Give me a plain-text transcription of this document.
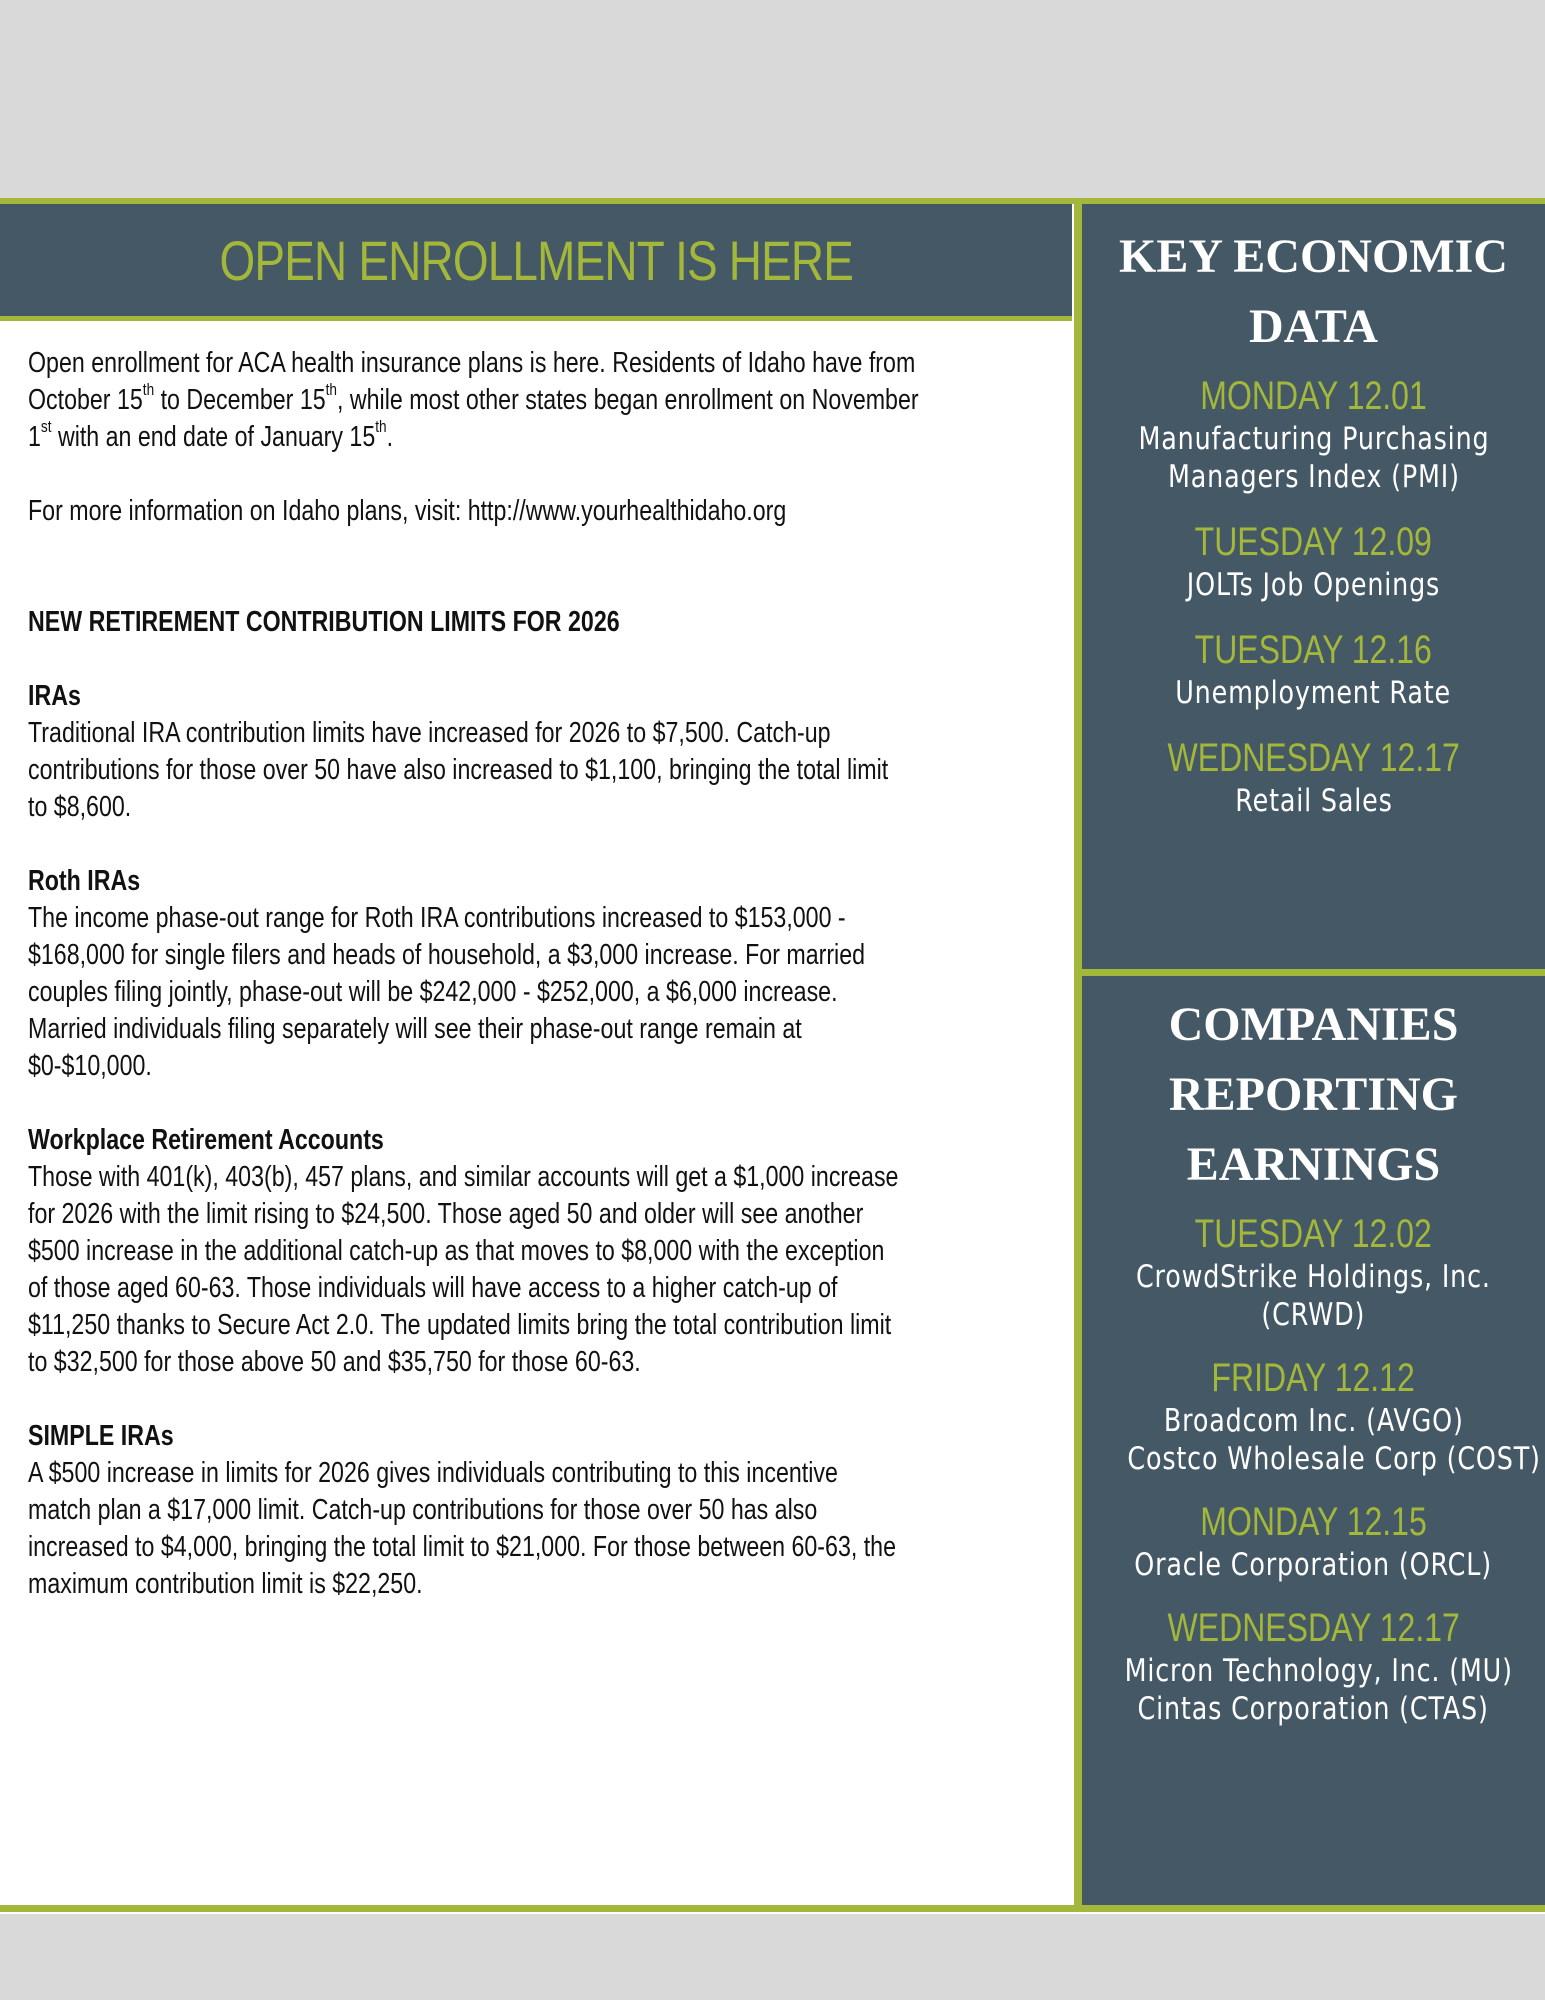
OPEN ENROLLMENT IS HERE

Open enrollment for ACA health insurance plans is here. Residents of Idaho have from

October 15th to December 15th, while most other states began enrollment on November

1st with an end date of January 15th.

For more information on Idaho plans, visit: http://www.yourhealthidaho.org

NEW RETIREMENT CONTRIBUTION LIMITS FOR 2026

IRAs

Traditional IRA contribution limits have increased for 2026 to $7,500. Catch-up

contributions for those over 50 have also increased to $1,100, bringing the total limit

to $8,600.

Roth IRAs

The income phase-out range for Roth IRA contributions increased to $153,000 -

$168,000 for single filers and heads of household, a $3,000 increase. For married

couples filing jointly, phase-out will be $242,000 - $252,000, a $6,000 increase.

Married individuals filing separately will see their phase-out range remain at

$0-$10,000.

Workplace Retirement Accounts

Those with 401(k), 403(b), 457 plans, and similar accounts will get a $1,000 increase

for 2026 with the limit rising to $24,500. Those aged 50 and older will see another

$500 increase in the additional catch-up as that moves to $8,000 with the exception

of those aged 60-63. Those individuals will have access to a higher catch-up of

$11,250 thanks to Secure Act 2.0. The updated limits bring the total contribution limit

to $32,500 for those above 50 and $35,750 for those 60-63.

SIMPLE IRAs

A $500 increase in limits for 2026 gives individuals contributing to this incentive

match plan a $17,000 limit. Catch-up contributions for those over 50 has also

increased to $4,000, bringing the total limit to $21,000. For those between 60-63, the

maximum contribution limit is $22,250.

KEY ECONOMIC

DATA

MONDAY 12.01
Manufacturing Purchasing
Managers Index (PMI)
TUESDAY 12.09
JOLTs Job Openings
TUESDAY 12.16
Unemployment Rate
WEDNESDAY 12.17
Retail Sales

COMPANIES

REPORTING

EARNINGS

TUESDAY 12.02
CrowdStrike Holdings, Inc.
(CRWD)
FRIDAY 12.12
Broadcom Inc. (AVGO)
Costco Wholesale Corp (COST)
MONDAY 12.15
Oracle Corporation (ORCL)
WEDNESDAY 12.17
Micron Technology, Inc. (MU)
Cintas Corporation (CTAS)
